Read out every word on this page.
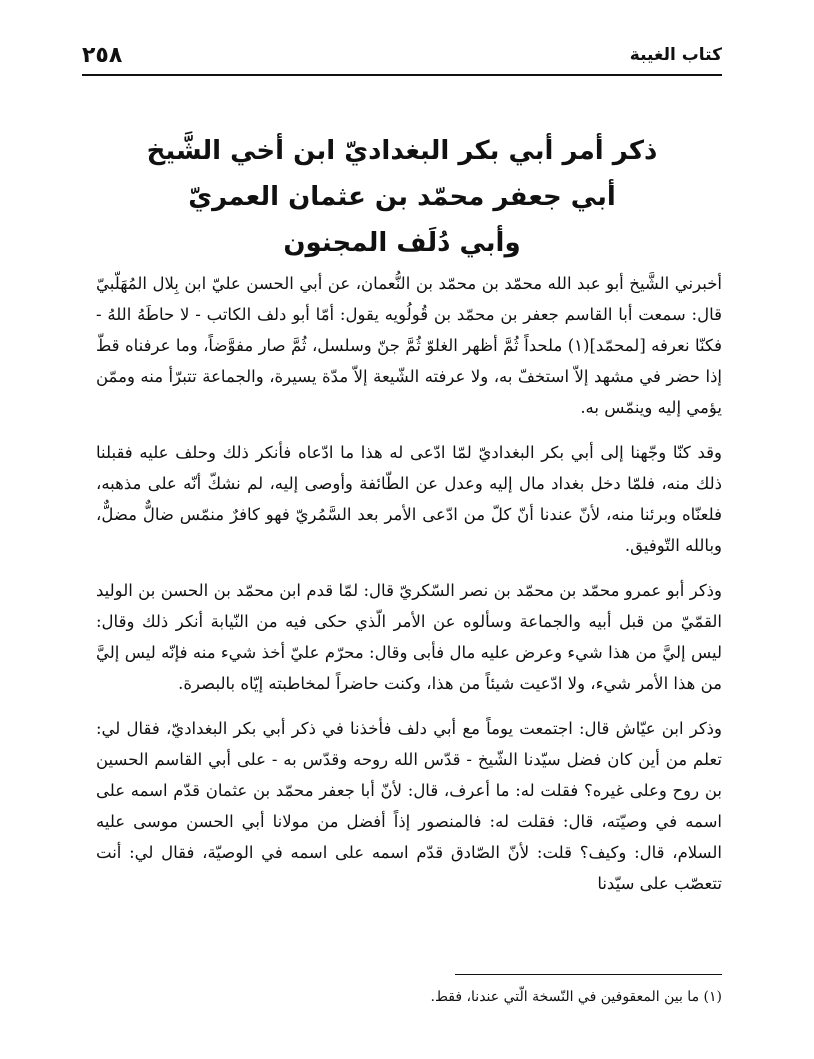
٢٥٨	كتاب الغيبة
ذكر أمر أبي بكر البغداديّ ابن أخي الشَّيخ
أبي جعفر محمّد بن عثمان العمريّ
وأبي دُلَف المجنون

أخبرني الشَّيخ أبو عبد الله محمّد بن محمّد بن النُّعمان، عن أبي الحسن عليّ ابن بِلال المُهَلّبيّ قال: سمعت أبا القاسم جعفر بن محمّد بن قُولُويه يقول: أمّا أبو دلف الكاتب - لا حاطَهُ اللهُ - فكنّا نعرفه [لمحمّد](١) ملحداً ثُمَّ أظهر الغلوّ ثُمَّ جنّ وسلسل، ثُمَّ صار مفوَّضاً، وما عرفناه قطّ إذا حضر في مشهد إلاّ استخفّ به، ولا عرفته الشّيعة إلاّ مدّة يسيرة، والجماعة تتبرّأ منه وممّن يؤمي إليه وينمّس به.

وقد كنّا وجّهنا إلى أبي بكر البغداديّ لمّا ادّعى له هذا ما ادّعاه فأنكر ذلك وحلف عليه فقبلنا ذلك منه، فلمّا دخل بغداد مال إليه وعدل عن الطّائفة وأوصى إليه، لم نشكّ أنّه على مذهبه، فلعنّاه وبرئنا منه، لأنّ عندنا أنّ كلّ من ادّعى الأمر بعد السَّمُريّ فهو كافرٌ منمّس ضالٌّ مضلٌّ، وبالله التّوفيق.

وذكر أبو عمرو محمّد بن محمّد بن نصر السّكريّ قال: لمّا قدم ابن محمّد بن الحسن بن الوليد القمّيّ من قبل أبيه والجماعة وسألوه عن الأمر الّذي حكى فيه من النّيابة أنكر ذلك وقال: ليس إليَّ من هذا شيء وعرض عليه مال فأبى وقال: محرّم عليّ أخذ شيء منه فإنّه ليس إليَّ من هذا الأمر شيء، ولا ادّعيت شيئاً من هذا، وكنت حاضراً لمخاطبته إيّاه بالبصرة.

وذكر ابن عيّاش قال: اجتمعت يوماً مع أبي دلف فأخذنا في ذكر أبي بكر البغداديّ، فقال لي: تعلم من أين كان فضل سيّدنا الشّيخ - قدّس الله روحه وقدّس به - على أبي القاسم الحسين بن روح وعلى غيره؟ فقلت له: ما أعرف، قال: لأنّ أبا جعفر محمّد بن عثمان قدّم اسمه على اسمه في وصيّته، قال: فقلت له: فالمنصور إذاً أفضل من مولانا أبي الحسن موسى عليه السلام، قال: وكيف؟ قلت: لأنّ الصّادق قدّم اسمه على اسمه في الوصيّة، فقال لي: أنت تتعصّب على سيّدنا

(١) ما بين المعقوفين في النّسخة الّتي عندنا، فقط.
